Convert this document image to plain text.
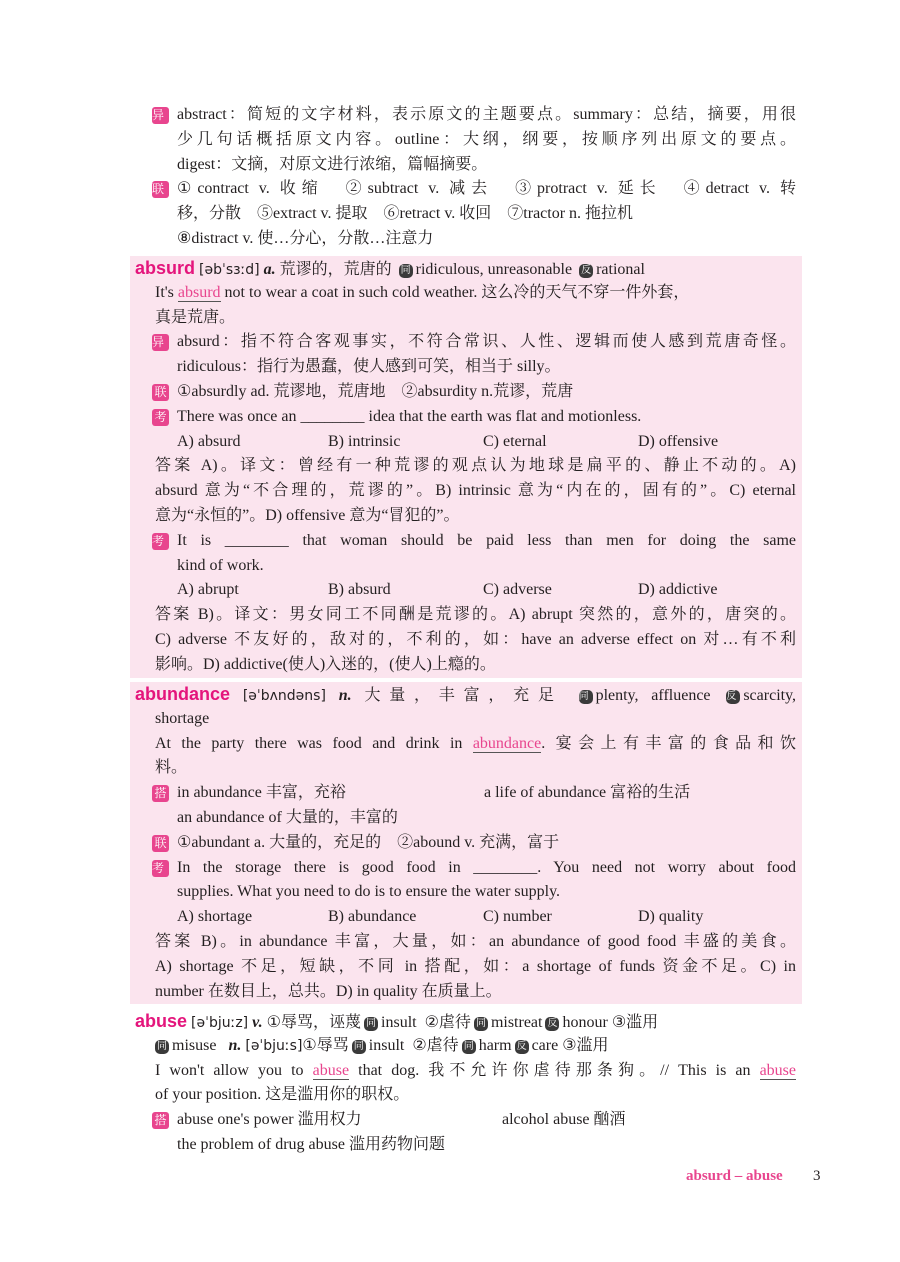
异 abstract：简短的文字材料，表示原文的主题要点。summary：总结，摘要，用很
少几句话概括原文内容。outline：大纲，纲要，按顺序列出原文的要点。
digest：文摘，对原文进行浓缩，篇幅摘要。
联 ①contract v. 收缩　②subtract v. 减去　③protract v. 延长　④detract v. 转
移，分散　⑤extract v. 提取　⑥retract v. 收回　⑦tractor n. 拖拉机
⑧distract v. 使…分心，分散…注意力
absurd [əbˈsɜːd] a. 荒谬的，荒唐的 同 ridiculous, unreasonable 反 rational
It's absurd not to wear a coat in such cold weather. 这么冷的天气不穿一件外套，
真是荒唐。
异 absurd：指不符合客观事实，不符合常识、人性、逻辑而使人感到荒唐奇怪。
ridiculous：指行为愚蠢，使人感到可笑，相当于 silly。
联 ①absurdly ad. 荒谬地，荒唐地　②absurdity n.荒谬，荒唐
考 There was once an ________ idea that the earth was flat and motionless.
A) absurd	B) intrinsic	C) eternal	D) offensive
答案 A)。译文：曾经有一种荒谬的观点认为地球是扁平的、静止不动的。A)
absurd 意为“不合理的，荒谬的”。B) intrinsic 意为“内在的，固有的”。C) eternal
意为“永恒的”。D) offensive 意为“冒犯的”。
考 It is ________ that woman should be paid less than men for doing the same
kind of work.
A) abrupt	B) absurd	C) adverse	D) addictive
答案 B)。译文：男女同工不同酬是荒谬的。A) abrupt 突然的，意外的，唐突的。
C) adverse 不友好的，敌对的，不利的，如：have an adverse effect on 对…有不利
影响。D) addictive(使人)入迷的，(使人)上瘾的。
abundance [əˈbʌndəns] n. 大量，丰富，充足 同 plenty, affluence 反 scarcity,
shortage
At the party there was food and drink in abundance. 宴会上有丰富的食品和饮
料。
搭 in abundance 丰富，充裕	a life of abundance 富裕的生活
an abundance of 大量的，丰富的
联 ①abundant a. 大量的，充足的　②abound v. 充满，富于
考 In the storage there is good food in ________. You need not worry about food
supplies. What you need to do is to ensure the water supply.
A) shortage	B) abundance	C) number	D) quality
答案 B)。in abundance 丰富，大量，如：an abundance of good food 丰盛的美食。
A) shortage 不足，短缺，不同 in 搭配，如：a shortage of funds 资金不足。C) in
number 在数目上，总共。D) in quality 在质量上。
abuse [əˈbjuːz] v. ①辱骂，诬蔑 同 insult ②虐待 同 mistreat 反 honour ③滥用
同 misuse n. [əˈbjuːs]①辱骂 同 insult ②虐待 同 harm 反 care ③滥用
I won't allow you to abuse that dog. 我不允许你虐待那条狗。// This is an abuse
of your position. 这是滥用你的职权。
搭 abuse one's power 滥用权力	alcohol abuse 酗酒
the problem of drug abuse 滥用药物问题
absurd – abuse 3
